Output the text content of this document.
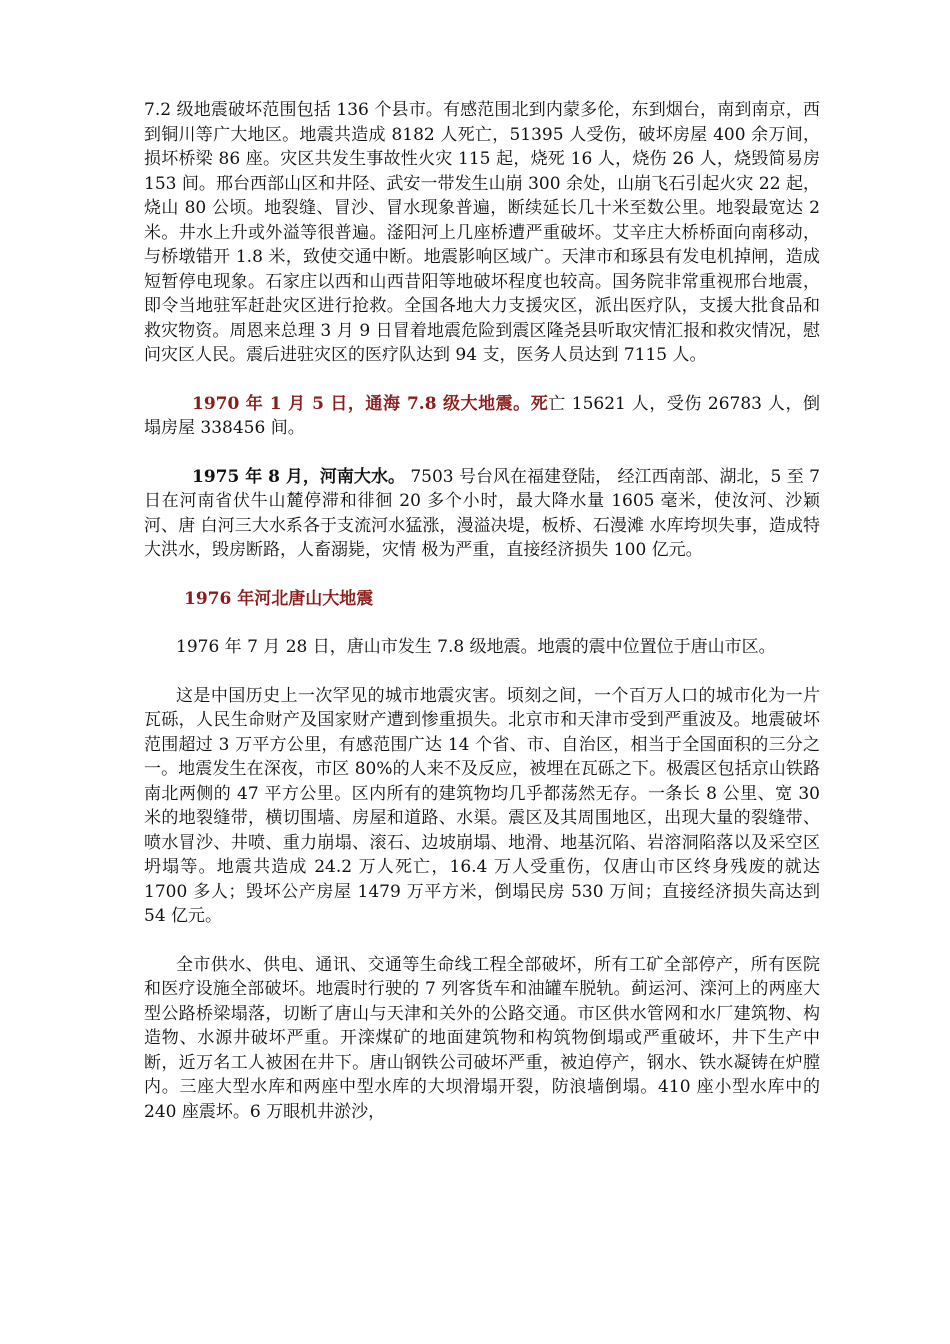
7.2 级地震破坏范围包括 136 个县市。有感范围北到内蒙多伦，东到烟台，南到南京，西到铜川等广大地区。地震共造成 8182 人死亡，51395 人受伤，破坏房屋 400 余万间，损坏桥梁 86 座。灾区共发生事故性火灾 115 起，烧死 16 人，烧伤 26 人，烧毁简易房 153 间。邢台西部山区和井陉、武安一带发生山崩 300 余处，山崩飞石引起火灾 22 起，烧山 80 公顷。地裂缝、冒沙、冒水现象普遍，断续延长几十米至数公里。地裂最宽达 2 米。井水上升或外溢等很普遍。滏阳河上几座桥遭严重破坏。艾辛庄大桥桥面向南移动，与桥墩错开 1.8 米，致使交通中断。地震影响区域广。天津市和琢县有发电机掉闸，造成短暂停电现象。石家庄以西和山西昔阳等地破坏程度也较高。国务院非常重视邢台地震，即令当地驻军赶赴灾区进行抢救。全国各地大力支援灾区，派出医疗队，支援大批食品和救灾物资。周恩来总理 3 月 9 日冒着地震危险到震区隆尧县听取灾情汇报和救灾情况，慰问灾区人民。震后进驻灾区的医疗队达到 94 支，医务人员达到 7115 人。

1970 年 1 月 5 日，通海 7.8 级大地震。死亡 15621 人，受伤 26783 人，倒塌房屋 338456 间。

1975 年 8 月，河南大水。 7503 号台风在福建登陆， 经江西南部、湖北，5 至 7 日在河南省伏牛山麓停滞和徘徊 20 多个小时，最大降水量 1605 毫米，使汝河、沙颖河、唐 白河三大水系各于支流河水猛涨，漫溢决堤，板桥、石漫滩 水库垮坝失事，造成特大洪水，毁房断路，人畜溺毙，灾情 极为严重，直接经济损失 100 亿元。

1976 年河北唐山大地震

1976 年 7 月 28 日，唐山市发生 7.8 级地震。地震的震中位置位于唐山市区。

这是中国历史上一次罕见的城市地震灾害。顷刻之间，一个百万人口的城市化为一片瓦砾，人民生命财产及国家财产遭到惨重损失。北京市和天津市受到严重波及。地震破坏范围超过 3 万平方公里，有感范围广达 14 个省、市、自治区，相当于全国面积的三分之一。地震发生在深夜，市区 80%的人来不及反应，被埋在瓦砾之下。极震区包括京山铁路南北两侧的 47 平方公里。区内所有的建筑物均几乎都荡然无存。一条长 8 公里、宽 30 米的地裂缝带，横切围墙、房屋和道路、水渠。震区及其周围地区，出现大量的裂缝带、喷水冒沙、井喷、重力崩塌、滚石、边坡崩塌、地滑、地基沉陷、岩溶洞陷落以及采空区坍塌等。地震共造成 24.2 万人死亡，16.4 万人受重伤，仅唐山市区终身残废的就达 1700 多人；毁坏公产房屋 1479 万平方米，倒塌民房 530 万间；直接经济损失高达到 54 亿元。

全市供水、供电、通讯、交通等生命线工程全部破坏，所有工矿全部停产，所有医院和医疗设施全部破坏。地震时行驶的 7 列客货车和油罐车脱轨。蓟运河、滦河上的两座大型公路桥梁塌落，切断了唐山与天津和关外的公路交通。市区供水管网和水厂建筑物、构造物、水源井破坏严重。开滦煤矿的地面建筑物和构筑物倒塌或严重破坏，井下生产中断，近万名工人被困在井下。唐山钢铁公司破坏严重，被迫停产，钢水、铁水凝铸在炉膛内。三座大型水库和两座中型水库的大坝滑塌开裂，防浪墙倒塌。410 座小型水库中的 240 座震坏。6 万眼机井淤沙，
